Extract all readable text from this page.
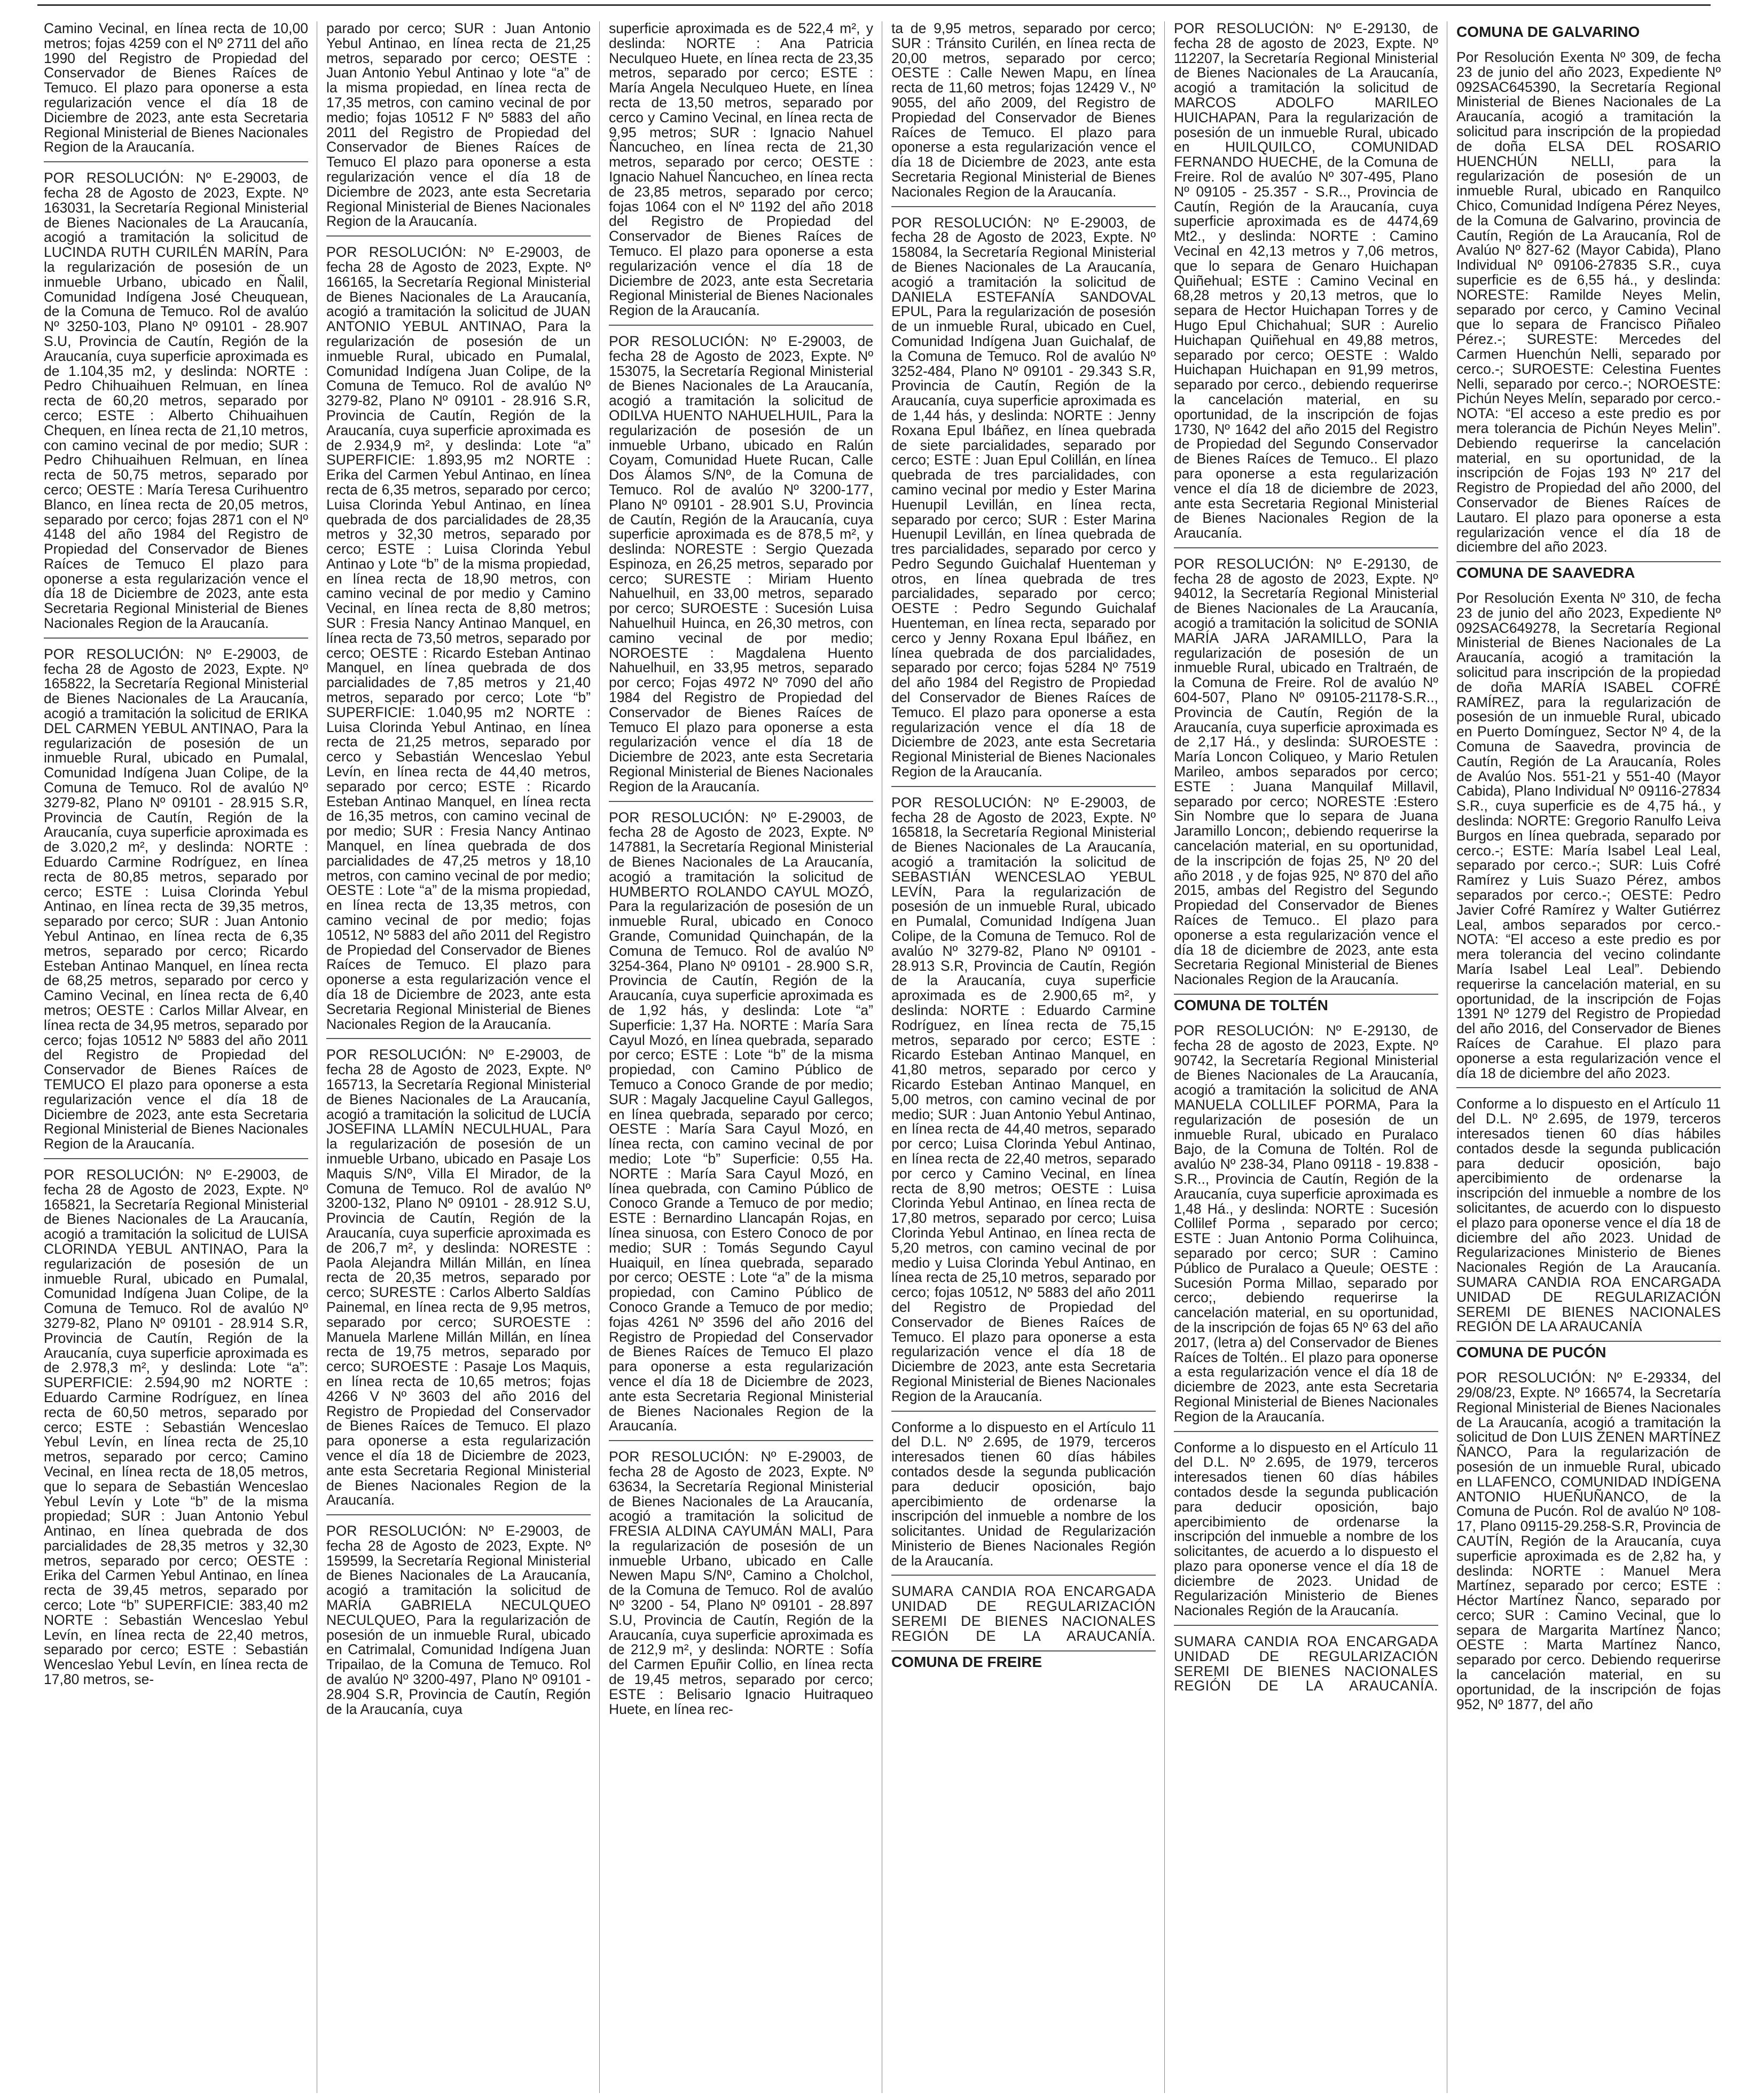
Camino Vecinal, en línea recta de 10,00 metros; fojas 4259 con el Nº 2711 del año 1990 del Registro de Propiedad del Conservador de Bienes Raíces de Temuco. El plazo para oponerse a esta regularización vence el día 18 de Diciembre de 2023, ante esta Secretaria Regional Ministerial de Bienes Nacionales Region de la Araucanía.

POR RESOLUCIÓN: Nº E-29003, de fecha 28 de Agosto de 2023, Expte. Nº 163031, la Secretaría Regional Ministerial de Bienes Nacionales de La Araucanía, acogió a tramitación la solicitud de LUCINDA RUTH CURILÉN MARÍN, Para la regularización de posesión de un inmueble Urbano, ubicado en Ñalil, Comunidad Indígena José Cheuquean, de la Comuna de Temuco. Rol de avalúo Nº 3250-103, Plano Nº 09101 - 28.907 S.U, Provincia de Cautín, Región de la Araucanía, cuya superficie aproximada es de 1.104,35 m2, y deslinda: NORTE : Pedro Chihuaihuen Relmuan, en línea recta de 60,20 metros, separado por cerco; ESTE : Alberto Chihuaihuen Chequen, en línea recta de 21,10 metros, con camino vecinal de por medio; SUR : Pedro Chihuaihuen Relmuan, en línea recta de 50,75 metros, separado por cerco; OESTE : María Teresa Curihuentro Blanco, en línea recta de 20,05 metros, separado por cerco; fojas 2871 con el Nº 4148 del año 1984 del Registro de Propiedad del Conservador de Bienes Raíces de Temuco El plazo para oponerse a esta regularización vence el día 18 de Diciembre de 2023, ante esta Secretaria Regional Ministerial de Bienes Nacionales Region de la Araucanía.

POR RESOLUCIÓN: Nº E-29003, de fecha 28 de Agosto de 2023, Expte. Nº 165822, la Secretaría Regional Ministerial de Bienes Nacionales de La Araucanía, acogió a tramitación la solicitud de ERIKA DEL CARMEN YEBUL ANTINAO, Para la regularización de posesión de un inmueble Rural, ubicado en Pumalal, Comunidad Indígena Juan Colipe, de la Comuna de Temuco. Rol de avalúo Nº 3279-82, Plano Nº 09101 - 28.915 S.R, Provincia de Cautín, Región de la Araucanía, cuya superficie aproximada es de 3.020,2 m², y deslinda: NORTE : Eduardo Carmine Rodríguez, en línea recta de 80,85 metros, separado por cerco; ESTE : Luisa Clorinda Yebul Antinao, en línea recta de 39,35 metros, separado por cerco; SUR : Juan Antonio Yebul Antinao, en línea recta de 6,35 metros, separado por cerco; Ricardo Esteban Antinao Manquel, en línea recta de 68,25 metros, separado por cerco y Camino Vecinal, en línea recta de 6,40 metros; OESTE : Carlos Millar Alvear, en línea recta de 34,95 metros, separado por cerco; fojas 10512 Nº 5883 del año 2011 del Registro de Propiedad del Conservador de Bienes Raíces de TEMUCO El plazo para oponerse a esta regularización vence el día 18 de Diciembre de 2023, ante esta Secretaria Regional Ministerial de Bienes Nacionales Region de la Araucanía.

POR RESOLUCIÓN: Nº E-29003, de fecha 28 de Agosto de 2023, Expte. Nº 165821, la Secretaría Regional Ministerial de Bienes Nacionales de La Araucanía, acogió a tramitación la solicitud de LUISA CLORINDA YEBUL ANTINAO, Para la regularización de posesión de un inmueble Rural, ubicado en Pumalal, Comunidad Indígena Juan Colipe, de la Comuna de Temuco. Rol de avalúo Nº 3279-82, Plano Nº 09101 - 28.914 S.R, Provincia de Cautín, Región de la Araucanía, cuya superficie aproximada es de 2.978,3 m², y deslinda: Lote “a”: SUPERFICIE: 2.594,90 m2 NORTE : Eduardo Carmine Rodríguez, en línea recta de 60,50 metros, separado por cerco; ESTE : Sebastián Wenceslao Yebul Levín, en línea recta de 25,10 metros, separado por cerco; Camino Vecinal, en línea recta de 18,05 metros, que lo separa de Sebastián Wenceslao Yebul Levín y Lote “b” de la misma propiedad; SUR : Juan Antonio Yebul Antinao, en línea quebrada de dos parcialidades de 28,35 metros y 32,30 metros, separado por cerco; OESTE : Erika del Carmen Yebul Antinao, en línea recta de 39,45 metros, separado por cerco; Lote “b” SUPERFICIE: 383,40 m2 NORTE : Sebastián Wenceslao Yebul Levín, en línea recta de 22,40 metros, separado por cerco; ESTE : Sebastián Wenceslao Yebul Levín, en línea recta de 17,80 metros, se-

parado por cerco; SUR : Juan Antonio Yebul Antinao, en línea recta de 21,25 metros, separado por cerco; OESTE : Juan Antonio Yebul Antinao y lote “a” de la misma propiedad, en línea recta de 17,35 metros, con camino vecinal de por medio; fojas 10512 F Nº 5883 del año 2011 del Registro de Propiedad del Conservador de Bienes Raíces de Temuco El plazo para oponerse a esta regularización vence el día 18 de Diciembre de 2023, ante esta Secretaria Regional Ministerial de Bienes Nacionales Region de la Araucanía.

POR RESOLUCIÓN: Nº E-29003, de fecha 28 de Agosto de 2023, Expte. Nº 166165, la Secretaría Regional Ministerial de Bienes Nacionales de La Araucanía, acogió a tramitación la solicitud de JUAN ANTONIO YEBUL ANTINAO, Para la regularización de posesión de un inmueble Rural, ubicado en Pumalal, Comunidad Indígena Juan Colipe, de la Comuna de Temuco. Rol de avalúo Nº 3279-82, Plano Nº 09101 - 28.916 S.R, Provincia de Cautín, Región de la Araucanía, cuya superficie aproximada es de 2.934,9 m², y deslinda: Lote “a” SUPERFICIE: 1.893,95 m2 NORTE : Erika del Carmen Yebul Antinao, en línea recta de 6,35 metros, separado por cerco; Luisa Clorinda Yebul Antinao, en línea quebrada de dos parcialidades de 28,35 metros y 32,30 metros, separado por cerco; ESTE : Luisa Clorinda Yebul Antinao y Lote “b” de la misma propiedad, en línea recta de 18,90 metros, con camino vecinal de por medio y Camino Vecinal, en línea recta de 8,80 metros; SUR : Fresia Nancy Antinao Manquel, en línea recta de 73,50 metros, separado por cerco; OESTE : Ricardo Esteban Antinao Manquel, en línea quebrada de dos parcialidades de 7,85 metros y 21,40 metros, separado por cerco; Lote “b” SUPERFICIE: 1.040,95 m2 NORTE : Luisa Clorinda Yebul Antinao, en línea recta de 21,25 metros, separado por cerco y Sebastián Wenceslao Yebul Levín, en línea recta de 44,40 metros, separado por cerco; ESTE : Ricardo Esteban Antinao Manquel, en línea recta de 16,35 metros, con camino vecinal de por medio; SUR : Fresia Nancy Antinao Manquel, en línea quebrada de dos parcialidades de 47,25 metros y 18,10 metros, con camino vecinal de por medio; OESTE : Lote “a” de la misma propiedad, en línea recta de 13,35 metros, con camino vecinal de por medio; fojas 10512, Nº 5883 del año 2011 del Registro de Propiedad del Conservador de Bienes Raíces de Temuco. El plazo para oponerse a esta regularización vence el día 18 de Diciembre de 2023, ante esta Secretaria Regional Ministerial de Bienes Nacionales Region de la Araucanía.

POR RESOLUCIÓN: Nº E-29003, de fecha 28 de Agosto de 2023, Expte. Nº 165713, la Secretaría Regional Ministerial de Bienes Nacionales de La Araucanía, acogió a tramitación la solicitud de LUCÍA JOSEFINA LLAMÍN NECULHUAL, Para la regularización de posesión de un inmueble Urbano, ubicado en Pasaje Los Maquis S/Nº, Villa El Mirador, de la Comuna de Temuco. Rol de avalúo Nº 3200-132, Plano Nº 09101 - 28.912 S.U, Provincia de Cautín, Región de la Araucanía, cuya superficie aproximada es de 206,7 m², y deslinda: NORESTE : Paola Alejandra Millán Millán, en línea recta de 20,35 metros, separado por cerco; SURESTE : Carlos Alberto Saldías Painemal, en línea recta de 9,95 metros, separado por cerco; SUROESTE : Manuela Marlene Millán Millán, en línea recta de 19,75 metros, separado por cerco; SUROESTE : Pasaje Los Maquis, en línea recta de 10,65 metros; fojas 4266 V Nº 3603 del año 2016 del Registro de Propiedad del Conservador de Bienes Raíces de Temuco. El plazo para oponerse a esta regularización vence el día 18 de Diciembre de 2023, ante esta Secretaria Regional Ministerial de Bienes Nacionales Region de la Araucanía.

POR RESOLUCIÓN: Nº E-29003, de fecha 28 de Agosto de 2023, Expte. Nº 159599, la Secretaría Regional Ministerial de Bienes Nacionales de La Araucanía, acogió a tramitación la solicitud de MARÍA GABRIELA NECULQUEO NECULQUEO, Para la regularización de posesión de un inmueble Rural, ubicado en Catrimalal, Comunidad Indígena Juan Tripailao, de la Comuna de Temuco. Rol de avalúo Nº 3200-497, Plano Nº 09101 - 28.904 S.R, Provincia de Cautín, Región de la Araucanía, cuya

superficie aproximada es de 522,4 m², y deslinda: NORTE : Ana Patricia Neculqueo Huete, en línea recta de 23,35 metros, separado por cerco; ESTE : María Angela Neculqueo Huete, en línea recta de 13,50 metros, separado por cerco y Camino Vecinal, en línea recta de 9,95 metros; SUR : Ignacio Nahuel Ñancucheo, en línea recta de 21,30 metros, separado por cerco; OESTE : Ignacio Nahuel Ñancucheo, en línea recta de 23,85 metros, separado por cerco; fojas 1064 con el Nº 1192 del año 2018 del Registro de Propiedad del Conservador de Bienes Raíces de Temuco. El plazo para oponerse a esta regularización vence el día 18 de Diciembre de 2023, ante esta Secretaria Regional Ministerial de Bienes Nacionales Region de la Araucanía.

POR RESOLUCIÓN: Nº E-29003, de fecha 28 de Agosto de 2023, Expte. Nº 153075, la Secretaría Regional Ministerial de Bienes Nacionales de La Araucanía, acogió a tramitación la solicitud de ODILVA HUENTO NAHUELHUIL, Para la regularización de posesión de un inmueble Urbano, ubicado en Ralún Coyam, Comunidad Huete Rucan, Calle Dos Álamos S/Nº, de la Comuna de Temuco. Rol de avalúo Nº 3200-177, Plano Nº 09101 - 28.901 S.U, Provincia de Cautín, Región de la Araucanía, cuya superficie aproximada es de 878,5 m², y deslinda: NORESTE : Sergio Quezada Espinoza, en 26,25 metros, separado por cerco; SURESTE : Miriam Huento Nahuelhuil, en 33,00 metros, separado por cerco; SUROESTE : Sucesión Luisa Nahuelhuil Huinca, en 26,30 metros, con camino vecinal de por medio; NOROESTE : Magdalena Huento Nahuelhuil, en 33,95 metros, separado por cerco; Fojas 4972 Nº 7090 del año 1984 del Registro de Propiedad del Conservador de Bienes Raíces de Temuco El plazo para oponerse a esta regularización vence el día 18 de Diciembre de 2023, ante esta Secretaria Regional Ministerial de Bienes Nacionales Region de la Araucanía.

POR RESOLUCIÓN: Nº E-29003, de fecha 28 de Agosto de 2023, Expte. Nº 147881, la Secretaría Regional Ministerial de Bienes Nacionales de La Araucanía, acogió a tramitación la solicitud de HUMBERTO ROLANDO CAYUL MOZÓ, Para la regularización de posesión de un inmueble Rural, ubicado en Conoco Grande, Comunidad Quinchapán, de la Comuna de Temuco. Rol de avalúo Nº 3254-364, Plano Nº 09101 - 28.900 S.R, Provincia de Cautín, Región de la Araucanía, cuya superficie aproximada es de 1,92 hás, y deslinda: Lote “a” Superficie: 1,37 Ha. NORTE : María Sara Cayul Mozó, en línea quebrada, separado por cerco; ESTE : Lote “b” de la misma propiedad, con Camino Público de Temuco a Conoco Grande de por medio; SUR : Magaly Jacqueline Cayul Gallegos, en línea quebrada, separado por cerco; OESTE : María Sara Cayul Mozó, en línea recta, con camino vecinal de por medio; Lote “b” Superficie: 0,55 Ha. NORTE : María Sara Cayul Mozó, en línea quebrada, con Camino Público de Conoco Grande a Temuco de por medio; ESTE : Bernardino Llancapán Rojas, en línea sinuosa, con Estero Conoco de por medio; SUR : Tomás Segundo Cayul Huaiquil, en línea quebrada, separado por cerco; OESTE : Lote “a” de la misma propiedad, con Camino Público de Conoco Grande a Temuco de por medio; fojas 4261 Nº 3596 del año 2016 del Registro de Propiedad del Conservador de Bienes Raíces de Temuco El plazo para oponerse a esta regularización vence el día 18 de Diciembre de 2023, ante esta Secretaria Regional Ministerial de Bienes Nacionales Region de la Araucanía.

POR RESOLUCIÓN: Nº E-29003, de fecha 28 de Agosto de 2023, Expte. Nº 63634, la Secretaría Regional Ministerial de Bienes Nacionales de La Araucanía, acogió a tramitación la solicitud de FRESIA ALDINA CAYUMÁN MALI, Para la regularización de posesión de un inmueble Urbano, ubicado en Calle Newen Mapu S/Nº, Camino a Cholchol, de la Comuna de Temuco. Rol de avalúo Nº 3200 - 54, Plano Nº 09101 - 28.897 S.U, Provincia de Cautín, Región de la Araucanía, cuya superficie aproximada es de 212,9 m², y deslinda: NORTE : Sofía del Carmen Epuñir Collio, en línea recta de 19,45 metros, separado por cerco; ESTE : Belisario Ignacio Huitraqueo Huete, en línea rec-

ta de 9,95 metros, separado por cerco; SUR : Tránsito Curilén, en línea recta de 20,00 metros, separado por cerco; OESTE : Calle Newen Mapu, en línea recta de 11,60 metros; fojas 12429 V., Nº 9055, del año 2009, del Registro de Propiedad del Conservador de Bienes Raíces de Temuco. El plazo para oponerse a esta regularización vence el día 18 de Diciembre de 2023, ante esta Secretaria Regional Ministerial de Bienes Nacionales Region de la Araucanía.

POR RESOLUCIÓN: Nº E-29003, de fecha 28 de Agosto de 2023, Expte. Nº 158084, la Secretaría Regional Ministerial de Bienes Nacionales de La Araucanía, acogió a tramitación la solicitud de DANIELA ESTEFANÍA SANDOVAL EPUL, Para la regularización de posesión de un inmueble Rural, ubicado en Cuel, Comunidad Indígena Juan Guichalaf, de la Comuna de Temuco. Rol de avalúo Nº 3252-484, Plano Nº 09101 - 29.343 S.R, Provincia de Cautín, Región de la Araucanía, cuya superficie aproximada es de 1,44 hás, y deslinda: NORTE : Jenny Roxana Epul Ibáñez, en línea quebrada de siete parcialidades, separado por cerco; ESTE : Juan Epul Colillán, en línea quebrada de tres parcialidades, con camino vecinal por medio y Ester Marina Huenupil Levillán, en línea recta, separado por cerco; SUR : Ester Marina Huenupil Levillán, en línea quebrada de tres parcialidades, separado por cerco y Pedro Segundo Guichalaf Huenteman y otros, en línea quebrada de tres parcialidades, separado por cerco; OESTE : Pedro Segundo Guichalaf Huenteman, en línea recta, separado por cerco y Jenny Roxana Epul Ibáñez, en línea quebrada de dos parcialidades, separado por cerco; fojas 5284 Nº 7519 del año 1984 del Registro de Propiedad del Conservador de Bienes Raíces de Temuco. El plazo para oponerse a esta regularización vence el día 18 de Diciembre de 2023, ante esta Secretaria Regional Ministerial de Bienes Nacionales Region de la Araucanía.

POR RESOLUCIÓN: Nº E-29003, de fecha 28 de Agosto de 2023, Expte. Nº 165818, la Secretaría Regional Ministerial de Bienes Nacionales de La Araucanía, acogió a tramitación la solicitud de SEBASTIÁN WENCESLAO YEBUL LEVÍN, Para la regularización de posesión de un inmueble Rural, ubicado en Pumalal, Comunidad Indígena Juan Colipe, de la Comuna de Temuco. Rol de avalúo Nº 3279-82, Plano Nº 09101 - 28.913 S.R, Provincia de Cautín, Región de la Araucanía, cuya superficie aproximada es de 2.900,65 m², y deslinda: NORTE : Eduardo Carmine Rodríguez, en línea recta de 75,15 metros, separado por cerco; ESTE : Ricardo Esteban Antinao Manquel, en 41,80 metros, separado por cerco y Ricardo Esteban Antinao Manquel, en 5,00 metros, con camino vecinal de por medio; SUR : Juan Antonio Yebul Antinao, en línea recta de 44,40 metros, separado por cerco; Luisa Clorinda Yebul Antinao, en línea recta de 22,40 metros, separado por cerco y Camino Vecinal, en línea recta de 8,90 metros; OESTE : Luisa Clorinda Yebul Antinao, en línea recta de 17,80 metros, separado por cerco; Luisa Clorinda Yebul Antinao, en línea recta de 5,20 metros, con camino vecinal de por medio y Luisa Clorinda Yebul Antinao, en línea recta de 25,10 metros, separado por cerco; fojas 10512, Nº 5883 del año 2011 del Registro de Propiedad del Conservador de Bienes Raíces de Temuco. El plazo para oponerse a esta regularización vence el día 18 de Diciembre de 2023, ante esta Secretaria Regional Ministerial de Bienes Nacionales Region de la Araucanía.

Conforme a lo dispuesto en el Artículo 11 del D.L. Nº 2.695, de 1979, terceros interesados tienen 60 días hábiles contados desde la segunda publicación para deducir oposición, bajo apercibimiento de ordenarse la inscripción del inmueble a nombre de los solicitantes. Unidad de Regularización Ministerio de Bienes Nacionales Región de la Araucanía.

SUMARA CANDIA ROA ENCARGADA UNIDAD DE REGULARIZACIÓN SEREMI DE BIENES NACIONALES REGIÓN DE LA ARAUCANÍA.

COMUNA DE FREIRE

POR RESOLUCIÓN: Nº E-29130, de fecha 28 de agosto de 2023, Expte. Nº 112207, la Secretaría Regional Ministerial de Bienes Nacionales de La Araucanía, acogió a tramitación la solicitud de MARCOS ADOLFO MARILEO HUICHAPAN, Para la regularización de posesión de un inmueble Rural, ubicado en HUILQUILCO, COMUNIDAD FERNANDO HUECHE, de la Comuna de Freire. Rol de avalúo Nº 307-495, Plano Nº 09105 - 25.357 - S.R.., Provincia de Cautín, Región de la Araucanía, cuya superficie aproximada es de 4474,69 Mt2., y deslinda: NORTE : Camino Vecinal en 42,13 metros y 7,06 metros, que lo separa de Genaro Huichapan Quiñehual; ESTE : Camino Vecinal en 68,28 metros y 20,13 metros, que lo separa de Hector Huichapan Torres y de Hugo Epul Chichahual; SUR : Aurelio Huichapan Quiñehual en 49,88 metros, separado por cerco; OESTE : Waldo Huichapan Huichapan en 91,99 metros, separado por cerco., debiendo requerirse la cancelación material, en su oportunidad, de la inscripción de fojas 1730, Nº 1642 del año 2015 del Registro de Propiedad del Segundo Conservador de Bienes Raíces de Temuco.. El plazo para oponerse a esta regularización vence el día 18 de diciembre de 2023, ante esta Secretaria Regional Ministerial de Bienes Nacionales Region de la Araucanía.

POR RESOLUCIÓN: Nº E-29130, de fecha 28 de agosto de 2023, Expte. Nº 94012, la Secretaría Regional Ministerial de Bienes Nacionales de La Araucanía, acogió a tramitación la solicitud de SONIA MARÍA JARA JARAMILLO, Para la regularización de posesión de un inmueble Rural, ubicado en Traltraén, de la Comuna de Freire. Rol de avalúo Nº 604-507, Plano Nº 09105-21178-S.R.., Provincia de Cautín, Región de la Araucanía, cuya superficie aproximada es de 2,17 Há., y deslinda: SUROESTE : María Loncon Coliqueo, y Mario Retulen Marileo, ambos separados por cerco; ESTE : Juana Manquilaf Millavil, separado por cerco; NORESTE :Estero Sin Nombre que lo separa de Juana Jaramillo Loncon;, debiendo requerirse la cancelación material, en su oportunidad, de la inscripción de fojas 25, Nº 20 del año 2018 , y de fojas 925, Nº 870 del año 2015, ambas del Registro del Segundo Propiedad del Conservador de Bienes Raíces de Temuco.. El plazo para oponerse a esta regularización vence el día 18 de diciembre de 2023, ante esta Secretaria Regional Ministerial de Bienes Nacionales Region de la Araucanía.

COMUNA DE TOLTÉN

POR RESOLUCIÓN: Nº E-29130, de fecha 28 de agosto de 2023, Expte. Nº 90742, la Secretaría Regional Ministerial de Bienes Nacionales de La Araucanía, acogió a tramitación la solicitud de ANA MANUELA COLLILEF PORMA, Para la regularización de posesión de un inmueble Rural, ubicado en Puralaco Bajo, de la Comuna de Toltén. Rol de avalúo Nº 238-34, Plano 09118 - 19.838 - S.R.., Provincia de Cautín, Región de la Araucanía, cuya superficie aproximada es 1,48 Há., y deslinda: NORTE : Sucesión Collilef Porma , separado por cerco; ESTE : Juan Antonio Porma Colihuinca, separado por cerco; SUR : Camino Público de Puralaco a Queule; OESTE : Sucesión Porma Millao, separado por cerco;, debiendo requerirse la cancelación material, en su oportunidad, de la inscripción de fojas 65 Nº 63 del año 2017, (letra a) del Conservador de Bienes Raíces de Toltén.. El plazo para oponerse a esta regularización vence el día 18 de diciembre de 2023, ante esta Secretaria Regional Ministerial de Bienes Nacionales Region de la Araucanía.

Conforme a lo dispuesto en el Artículo 11 del D.L. Nº 2.695, de 1979, terceros interesados tienen 60 días hábiles contados desde la segunda publicación para deducir oposición, bajo apercibimiento de ordenarse la inscripción del inmueble a nombre de los solicitantes, de acuerdo a lo dispuesto el plazo para oponerse vence el día 18 de diciembre de 2023. Unidad de Regularización Ministerio de Bienes Nacionales Región de la Araucanía.

SUMARA CANDIA ROA ENCARGADA UNIDAD DE REGULARIZACIÓN SEREMI DE BIENES NACIONALES REGIÓN DE LA ARAUCANÍA.

COMUNA DE GALVARINO

Por Resolución Exenta Nº 309, de fecha 23 de junio del año 2023, Expediente Nº 092SAC645390, la Secretaría Regional Ministerial de Bienes Nacionales de La Araucanía, acogió a tramitación la solicitud para inscripción de la propiedad de doña ELSA DEL ROSARIO HUENCHÚN NELLI, para la regularización de posesión de un inmueble Rural, ubicado en Ranquilco Chico, Comunidad Indígena Pérez Neyes, de la Comuna de Galvarino, provincia de Cautín, Región de La Araucanía, Rol de Avalúo Nº 827-62 (Mayor Cabida), Plano Individual Nº 09106-27835 S.R., cuya superficie es de 6,55 há., y deslinda: NORESTE: Ramilde Neyes Melin, separado por cerco, y Camino Vecinal que lo separa de Francisco Piñaleo Pérez.-; SURESTE: Mercedes del Carmen Huenchún Nelli, separado por cerco.-; SUROESTE: Celestina Fuentes Nelli, separado por cerco.-; NOROESTE: Pichún Neyes Melín, separado por cerco.- NOTA: “El acceso a este predio es por mera tolerancia de Pichún Neyes Melin”. Debiendo requerirse la cancelación material, en su oportunidad, de la inscripción de Fojas 193 Nº 217 del Registro de Propiedad del año 2000, del Conservador de Bienes Raíces de Lautaro. El plazo para oponerse a esta regularización vence el día 18 de diciembre del año 2023.

COMUNA DE SAAVEDRA

Por Resolución Exenta Nº 310, de fecha 23 de junio del año 2023, Expediente Nº 092SAC649278, la Secretaría Regional Ministerial de Bienes Nacionales de La Araucanía, acogió a tramitación la solicitud para inscripción de la propiedad de doña MARÍA ISABEL COFRÉ RAMÍREZ, para la regularización de posesión de un inmueble Rural, ubicado en Puerto Domínguez, Sector Nº 4, de la Comuna de Saavedra, provincia de Cautín, Región de La Araucanía, Roles de Avalúo Nos. 551-21 y 551-40 (Mayor Cabida), Plano Individual Nº 09116-27834 S.R., cuya superficie es de 4,75 há., y deslinda: NORTE: Gregorio Ranulfo Leiva Burgos en línea quebrada, separado por cerco.-; ESTE: María Isabel Leal Leal, separado por cerco.-; SUR: Luis Cofré Ramírez y Luis Suazo Pérez, ambos separados por cerco.-; OESTE: Pedro Javier Cofré Ramírez y Walter Gutiérrez Leal, ambos separados por cerco.- NOTA: “El acceso a este predio es por mera tolerancia del vecino colindante María Isabel Leal Leal”. Debiendo requerirse la cancelación material, en su oportunidad, de la inscripción de Fojas 1391 Nº 1279 del Registro de Propiedad del año 2016, del Conservador de Bienes Raíces de Carahue. El plazo para oponerse a esta regularización vence el día 18 de diciembre del año 2023.

Conforme a lo dispuesto en el Artículo 11 del D.L. Nº 2.695, de 1979, terceros interesados tienen 60 días hábiles contados desde la segunda publicación para deducir oposición, bajo apercibimiento de ordenarse la inscripción del inmueble a nombre de los solicitantes, de acuerdo con lo dispuesto el plazo para oponerse vence el día 18 de diciembre del año 2023. Unidad de Regularizaciones Ministerio de Bienes Nacionales Región de La Araucanía. SUMARA CANDIA ROA ENCARGADA UNIDAD DE REGULARIZACIÓN SEREMI DE BIENES NACIONALES REGIÓN DE LA ARAUCANÍA

COMUNA DE PUCÓN

POR RESOLUCIÓN: Nº E-29334, del 29/08/23, Expte. Nº 166574, la Secretaría Regional Ministerial de Bienes Nacionales de La Araucanía, acogió a tramitación la solicitud de Don LUIS ZENEN MARTÍNEZ ÑANCO, Para la regularización de posesión de un inmueble Rural, ubicado en LLAFENCO, COMUNIDAD INDÍGENA ANTONIO HUEÑUÑANCO, de la Comuna de Pucón. Rol de avalúo Nº 108-17, Plano 09115-29.258-S.R, Provincia de CAUTÍN, Región de la Araucanía, cuya superficie aproximada es de 2,82 ha, y deslinda: NORTE : Manuel Mera Martínez, separado por cerco; ESTE : Héctor Martínez Ñanco, separado por cerco; SUR : Camino Vecinal, que lo separa de Margarita Martínez Ñanco; OESTE : Marta Martínez Ñanco, separado por cerco. Debiendo requerirse la cancelación material, en su oportunidad, de la inscripción de fojas 952, Nº 1877, del año
